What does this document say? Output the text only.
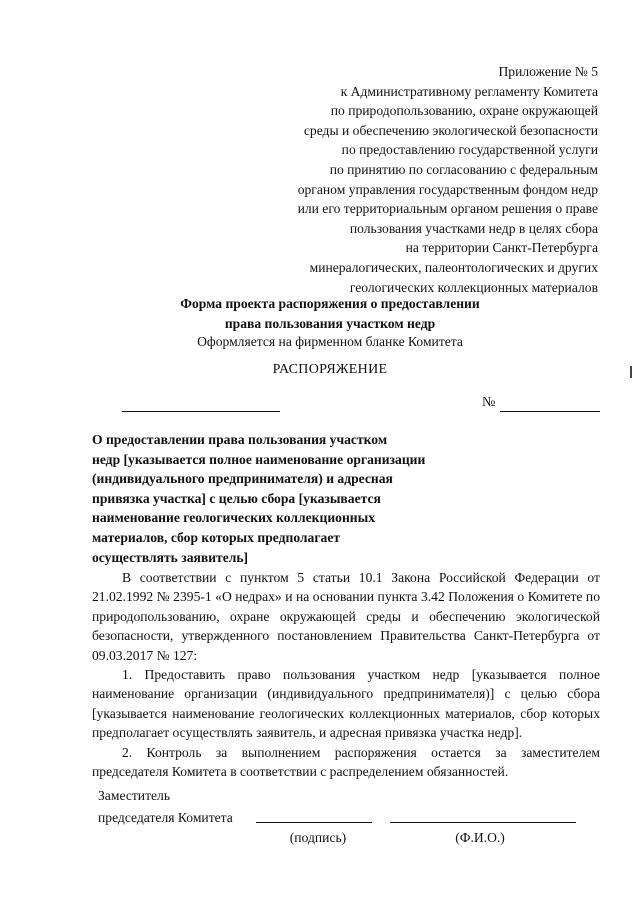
Приложение № 5
к Административному регламенту Комитета
по природопользованию, охране окружающей
среды и обеспечению экологической безопасности
по предоставлению государственной услуги
по принятию по согласованию с федеральным
органом управления государственным фондом недр
или его территориальным органом решения о праве
пользования участками недр в целях сбора
на территории Санкт-Петербурга
минералогических, палеонтологических и других
геологических коллекционных материалов
Форма проекта распоряжения о предоставлении
права пользования участком недр
Оформляется на фирменном бланке Комитета
РАСПОРЯЖЕНИЕ
№
О предоставлении права пользования участком
недр [указывается полное наименование организации
(индивидуального предпринимателя) и адресная
привязка участка] с целью сбора [указывается
наименование геологических коллекционных
материалов, сбор которых предполагает
осуществлять заявитель]

В соответствии с пунктом 5 статьи 10.1 Закона Российской Федерации от 21.02.1992 № 2395-1 «О недрах» и на основании пункта 3.42 Положения о Комитете по природопользованию, охране окружающей среды и обеспечению экологической безопасности, утвержденного постановлением Правительства Санкт-Петербурга от 09.03.2017 № 127:

1. Предоставить право пользования участком недр [указывается полное наименование организации (индивидуального предпринимателя)] с целью сбора [указывается наименование геологических коллекционных материалов, сбор которых предполагает осуществлять заявитель, и адресная привязка участка недр].

2. Контроль за выполнением распоряжения остается за заместителем председателя Комитета в соответствии с распределением обязанностей.

Заместитель
председателя Комитета
(подпись)	(Ф.И.О.)
